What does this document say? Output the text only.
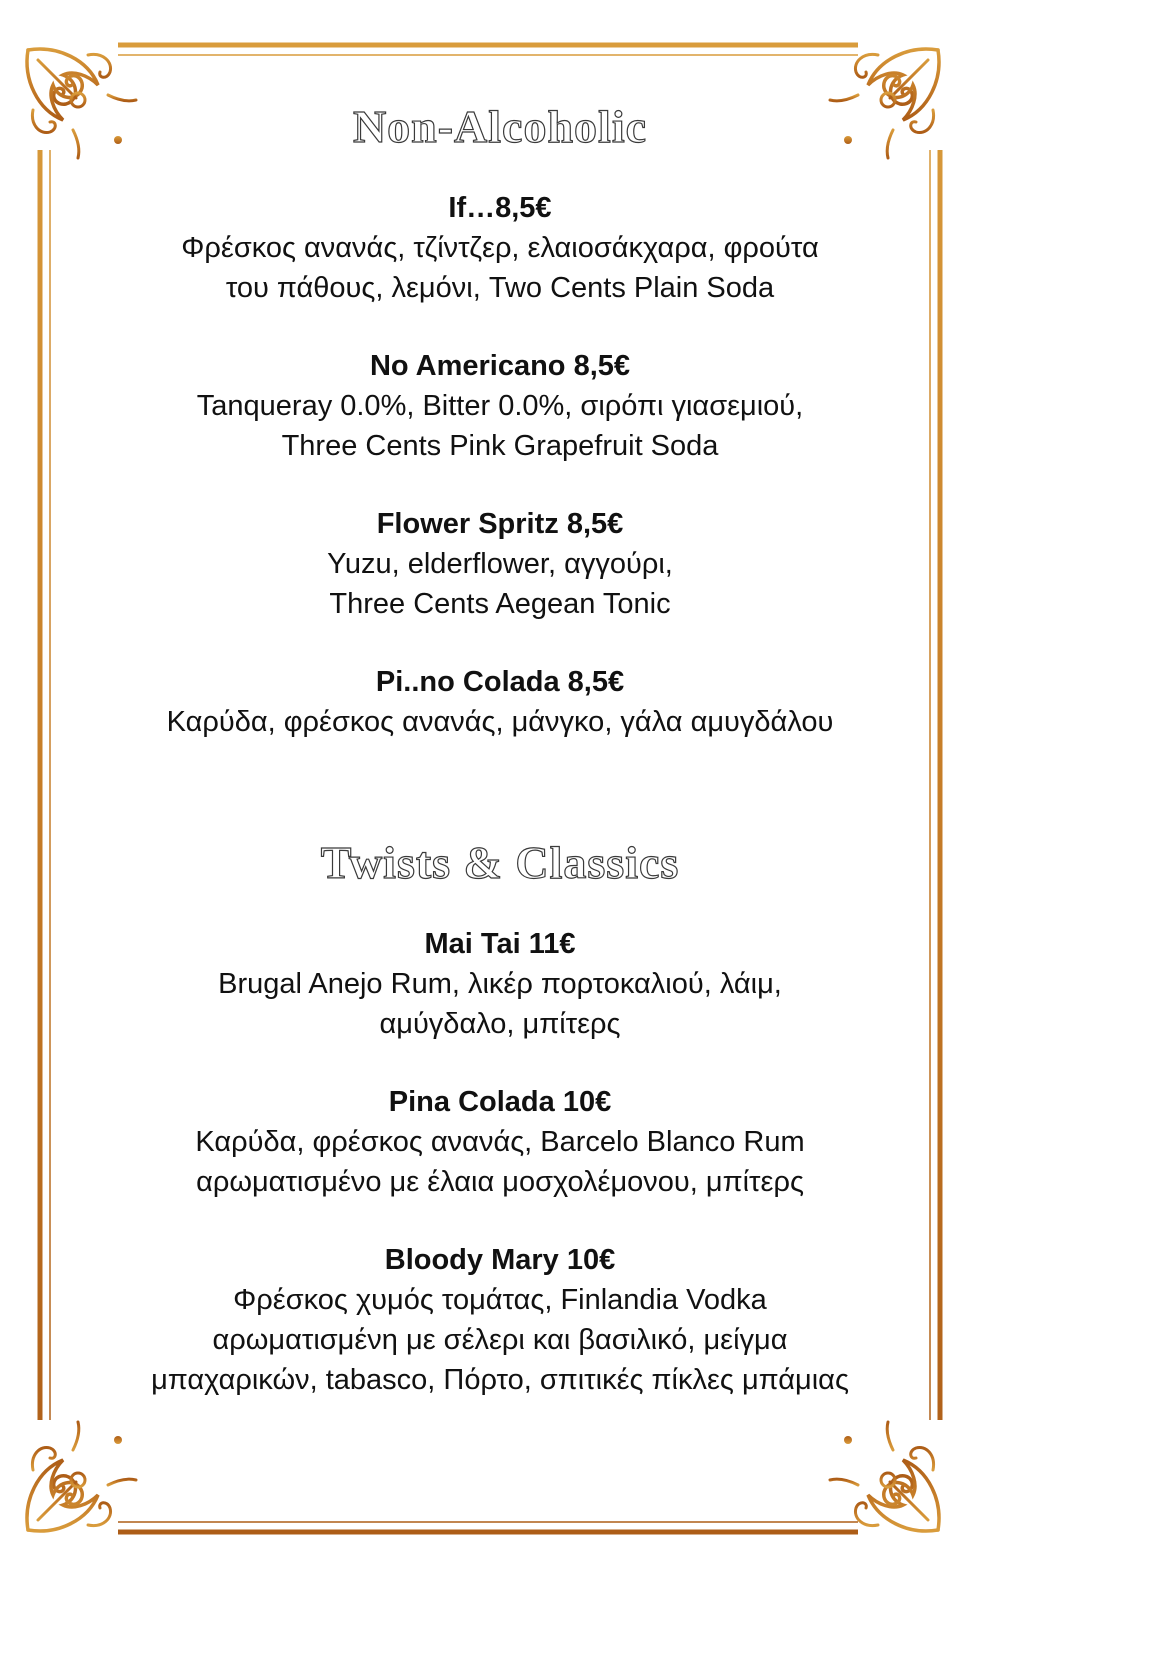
Non-Alcoholic
If…8,5€
Φρέσκος ανανάς, τζίντζερ, ελαιοσάκχαρα, φρούτα
του πάθους, λεμόνι, Two Cents Plain Soda
No Americano 8,5€
Tanqueray 0.0%, Bitter 0.0%, σιρόπι γιασεμιού,
Three Cents Pink Grapefruit Soda
Flower Spritz 8,5€
Yuzu, elderflower, αγγούρι,
Three Cents Aegean Tonic
Pi..no Colada 8,5€
Καρύδα, φρέσκος ανανάς, μάνγκο, γάλα αμυγδάλου
Twists & Classics
Mai Tai 11€
Brugal Anejo Rum, λικέρ πορτοκαλιού, λάιμ,
αμύγδαλο, μπίτερς
Pina Colada 10€
Καρύδα, φρέσκος ανανάς, Barcelo Blanco Rum
αρωματισμένο με έλαια μοσχολέμονου, μπίτερς
Bloody Mary 10€
Φρέσκος χυμός τομάτας, Finlandia Vodka
αρωματισμένη με σέλερι και βασιλικό, μείγμα
μπαχαρικών, tabasco, Πόρτο, σπιτικές πίκλες μπάμιας
